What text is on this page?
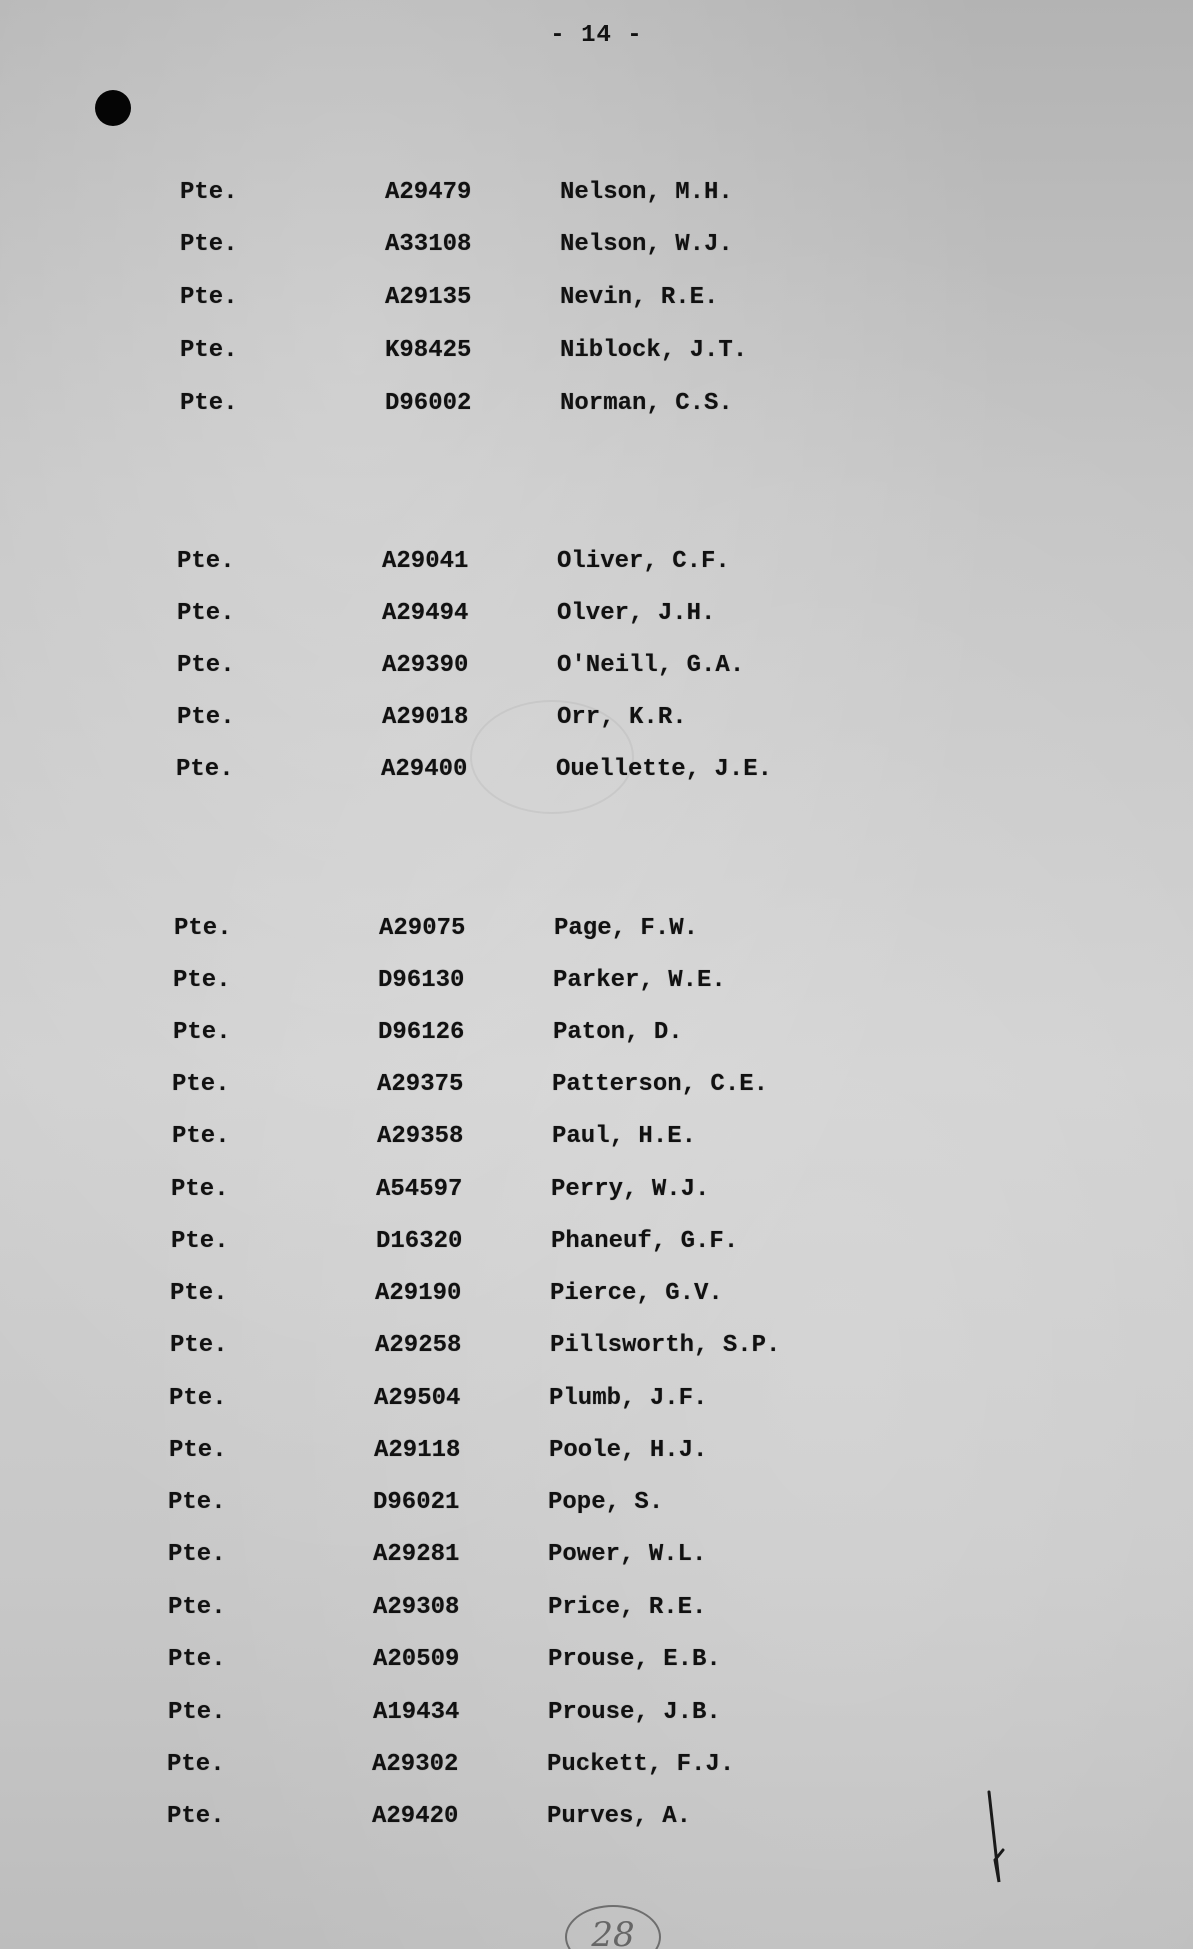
- 14 -
​
Pte.	A29479	Nelson, M.H.
Pte.	A33108	Nelson, W.J.
Pte.	A29135	Nevin, R.E.
Pte.	K98425	Niblock, J.T.
Pte.	D96002	Norman, C.S.
Pte.	A29041	Oliver, C.F.
Pte.	A29494	Olver, J.H.
Pte.	A29390	O'Neill, G.A.
Pte.	A29018	Orr, K.R.
Pte.	A29400	Ouellette, J.E.
Pte.	A29075	Page, F.W.
Pte.	D96130	Parker, W.E.
Pte.	D96126	Paton, D.
Pte.	A29375	Patterson, C.E.
Pte.	A29358	Paul, H.E.
Pte.	A54597	Perry, W.J.
Pte.	D16320	Phaneuf, G.F.
Pte.	A29190	Pierce, G.V.
Pte.	A29258	Pillsworth, S.P.
Pte.	A29504	Plumb, J.F.
Pte.	A29118	Poole, H.J.
Pte.	D96021	Pope, S.
Pte.	A29281	Power, W.L.
Pte.	A29308	Price, R.E.
Pte.	A20509	Prouse, E.B.
Pte.	A19434	Prouse, J.B.
Pte.	A29302	Puckett, F.J.
Pte.	A29420	Purves, A.
28
